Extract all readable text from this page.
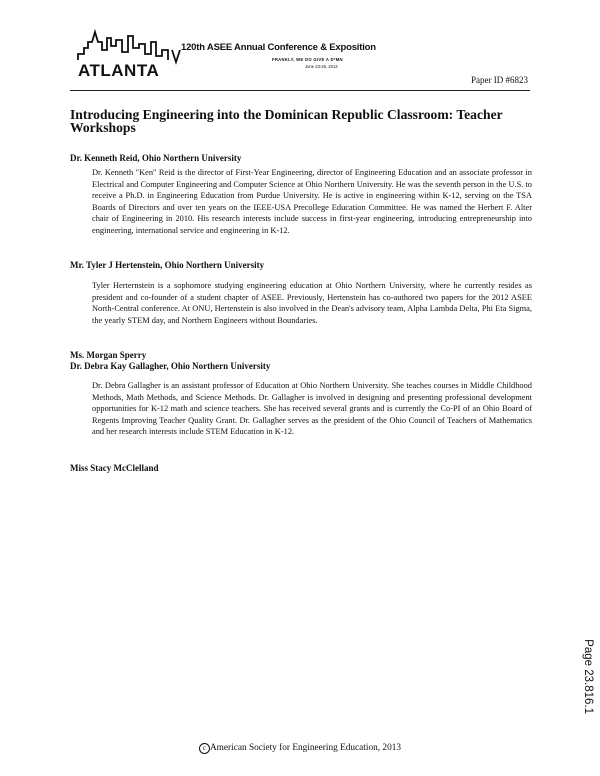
ATLANTA
120th ASEE Annual Conference & Exposition
FRANKLY, WE DO GIVE A D*MN
June 23-26, 2013
Paper ID #6823
Introducing Engineering into the Dominican Republic Classroom: Teacher Workshops
Dr. Kenneth Reid, Ohio Northern University

Dr. Kenneth "Ken" Reid is the director of First-Year Engineering, director of Engineering Education and an associate professor in Electrical and Computer Engineering and Computer Science at Ohio Northern University. He was the seventh person in the U.S. to receive a Ph.D. in Engineering Education from Purdue University. He is active in engineering within K-12, serving on the TSA Boards of Directors and over ten years on the IEEE-USA Precollege Education Committee. He was named the Herbert F. Alter chair of Engineering in 2010. His research interests include success in first-year engineering, introducing entrepreneurship into engineering, international service and engineering in K-12.

Mr. Tyler J Hertenstein, Ohio Northern University

Tyler Herternstein is a sophomore studying engineering education at Ohio Northern University, where he currently resides as president and co-founder of a student chapter of ASEE. Previously, Hertenstein has co-authored two papers for the 2012 ASEE North-Central conference. At ONU, Hertenstein is also involved in the Dean's advisory team, Alpha Lambda Delta, Phi Eta Sigma, the yearly STEM day, and Northern Engineers without Boundaries.

Ms. Morgan Sperry
Dr. Debra Kay Gallagher, Ohio Northern University

Dr. Debra Gallagher is an assistant professor of Education at Ohio Northern University. She teaches courses in Middle Childhood Methods, Math Methods, and Science Methods. Dr. Gallagher is involved in designing and presenting professional development opportunities for K-12 math and science teachers. She has received several grants and is currently the Co-PI of an Ohio Board of Regents Improving Teacher Quality Grant. Dr. Gallagher serves as the president of the Ohio Council of Teachers of Mathematics and her research interests include STEM Education in K-12.

Miss Stacy McClelland
c American Society for Engineering Education, 2013
Page 23.816.1
